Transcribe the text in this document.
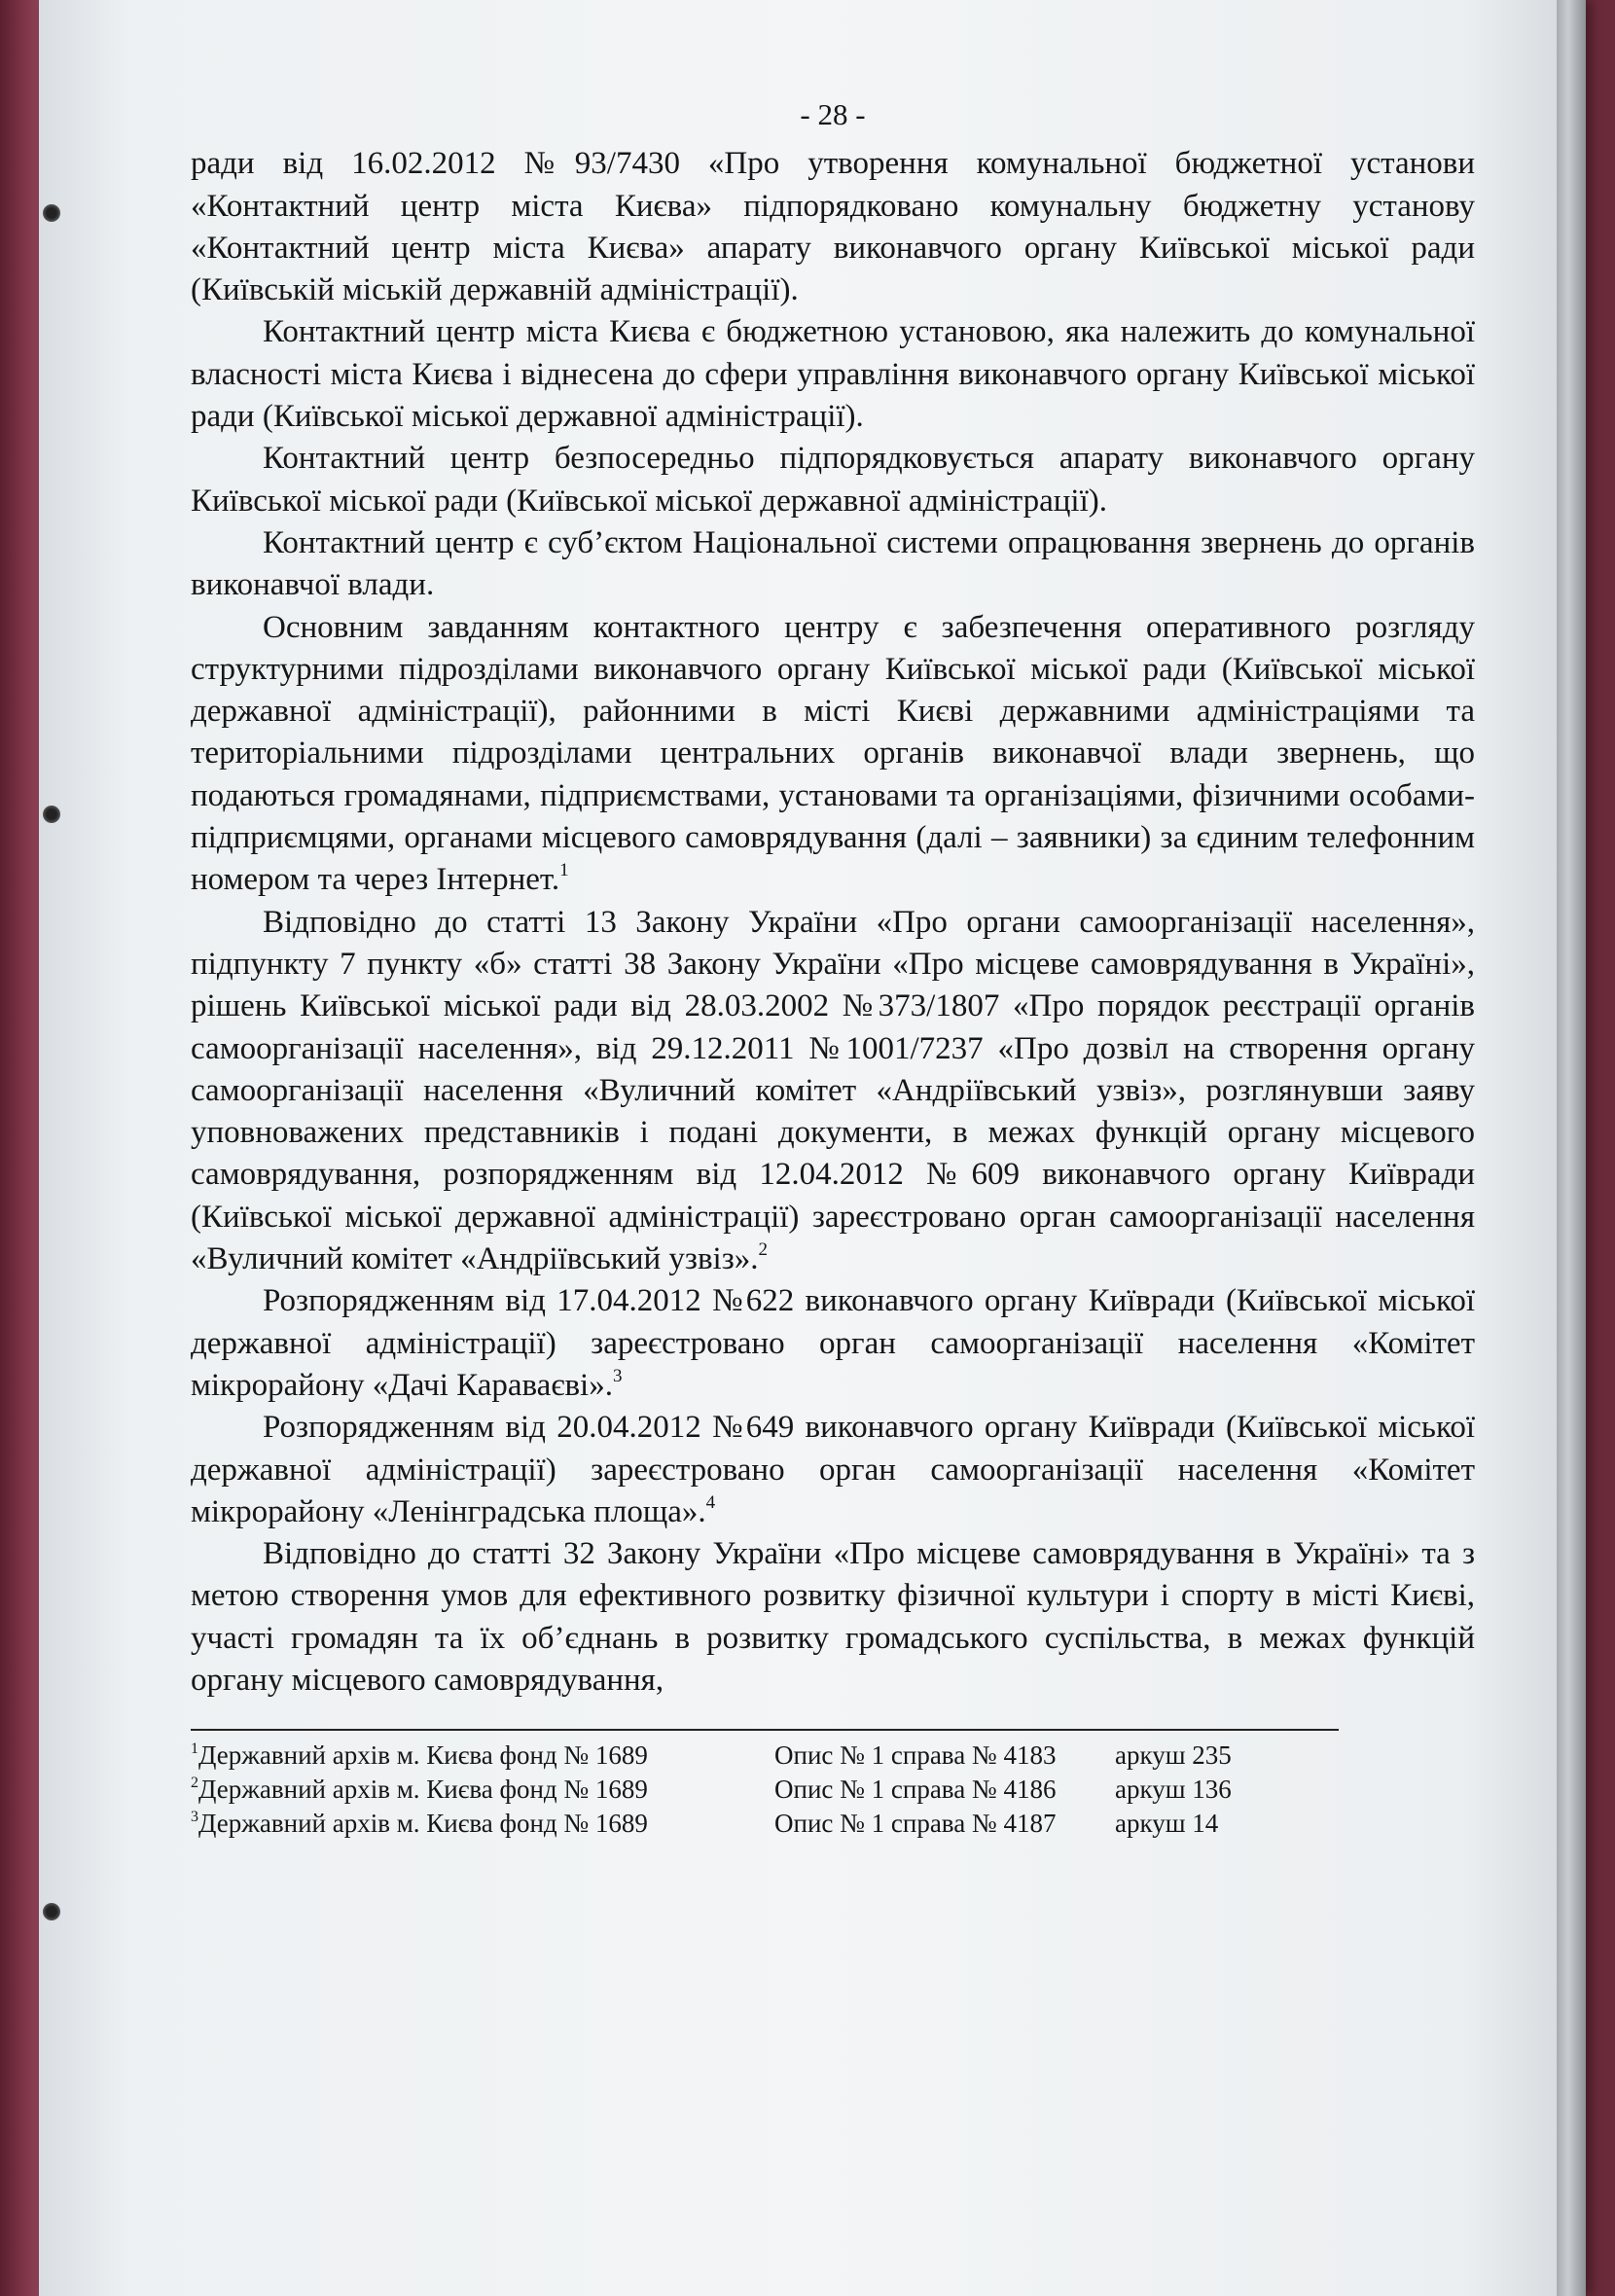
- 28 -

ради від 16.02.2012 №93/7430 «Про утворення комунальної бюджетної установи «Контактний центр міста Києва» підпорядковано комунальну бюджетну установу «Контактний центр міста Києва» апарату виконавчого органу Київської міської ради (Київській міській державній адміністрації).

Контактний центр міста Києва є бюджетною установою, яка належить до комунальної власності міста Києва і віднесена до сфери управління виконавчого органу Київської міської ради (Київської міської державної адміністрації).

Контактний центр безпосередньо підпорядковується апарату виконавчого органу Київської міської ради (Київської міської державної адміністрації).

Контактний центр є суб’єктом Національної системи опрацювання звернень до органів виконавчої влади.

Основним завданням контактного центру є забезпечення оперативного розгляду структурними підрозділами виконавчого органу Київської міської ради (Київської міської державної адміністрації), районними в місті Києві державними адміністраціями та територіальними підрозділами центральних органів виконавчої влади звернень, що подаються громадянами, підприємствами, установами та організаціями, фізичними особами-підприємцями, органами місцевого самоврядування (далі – заявники) за єдиним телефонним номером та через Інтернет.$^1$

Відповідно до статті 13 Закону України «Про органи самоорганізації населення», підпункту 7 пункту «б» статті 38 Закону України «Про місцеве самоврядування в Україні», рішень Київської міської ради від 28.03.2002 №373/1807 «Про порядок реєстрації органів самоорганізації населення», від 29.12.2011 №1001/7237 «Про дозвіл на створення органу самоорганізації населення «Вуличний комітет «Андріївський узвіз», розглянувши заяву уповноважених представників і подані документи, в межах функцій органу місцевого самоврядування, розпорядженням від 12.04.2012 №609 виконавчого органу Київради (Київської міської державної адміністрації) зареєстровано орган самоорганізації населення «Вуличний комітет «Андріївський узвіз».$^2$

Розпорядженням від 17.04.2012 №622 виконавчого органу Київради (Київської міської державної адміністрації) зареєстровано орган самоорганізації населення «Комітет мікрорайону «Дачі Караваєві».$^3$

Розпорядженням від 20.04.2012 №649 виконавчого органу Київради (Київської міської державної адміністрації) зареєстровано орган самоорганізації населення «Комітет мікрорайону «Ленінградська площа».$^4$

Відповідно до статті 32 Закону України «Про місцеве самоврядування в Україні» та з метою створення умов для ефективного розвитку фізичної культури і спорту в місті Києві, участі громадян та їх об’єднань в розвитку громадського суспільства, в межах функцій органу місцевого самоврядування,

$^1$Державний архів м. Києва фонд № 1689	Опис № 1 справа № 4183	аркуш 235
$^2$Державний архів м. Києва фонд № 1689	Опис № 1 справа № 4186	аркуш 136
$^3$Державний архів м. Києва фонд № 1689	Опис № 1 справа № 4187	аркуш 14
